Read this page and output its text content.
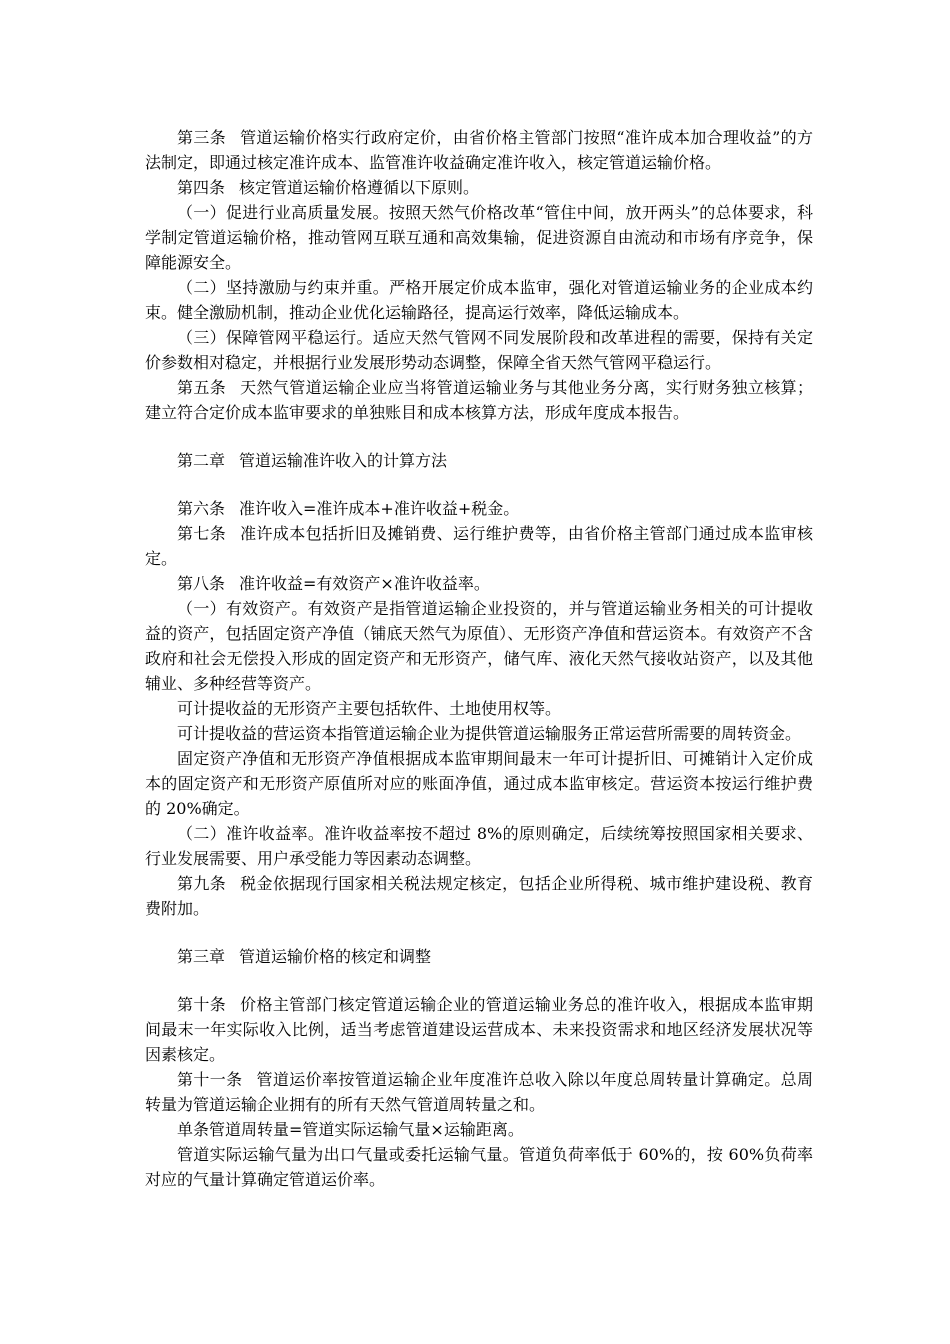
第三条 管道运输价格实行政府定价，由省价格主管部门按照“准许成本加合理收益”的方法制定，即通过核定准许成本、监管准许收益确定准许收入，核定管道运输价格。

第四条 核定管道运输价格遵循以下原则。

（一）促进行业高质量发展。按照天然气价格改革“管住中间，放开两头”的总体要求，科学制定管道运输价格，推动管网互联互通和高效集输，促进资源自由流动和市场有序竞争，保障能源安全。

（二）坚持激励与约束并重。严格开展定价成本监审，强化对管道运输业务的企业成本约束。健全激励机制，推动企业优化运输路径，提高运行效率，降低运输成本。

（三）保障管网平稳运行。适应天然气管网不同发展阶段和改革进程的需要，保持有关定价参数相对稳定，并根据行业发展形势动态调整，保障全省天然气管网平稳运行。

第五条 天然气管道运输企业应当将管道运输业务与其他业务分离，实行财务独立核算；建立符合定价成本监审要求的单独账目和成本核算方法，形成年度成本报告。

第二章 管道运输准许收入的计算方法

第六条 准许收入=准许成本+准许收益+税金。

第七条 准许成本包括折旧及摊销费、运行维护费等，由省价格主管部门通过成本监审核定。

第八条 准许收益=有效资产×准许收益率。

（一）有效资产。有效资产是指管道运输企业投资的，并与管道运输业务相关的可计提收益的资产，包括固定资产净值（铺底天然气为原值）、无形资产净值和营运资本。有效资产不含政府和社会无偿投入形成的固定资产和无形资产，储气库、液化天然气接收站资产，以及其他辅业、多种经营等资产。

可计提收益的无形资产主要包括软件、土地使用权等。

可计提收益的营运资本指管道运输企业为提供管道运输服务正常运营所需要的周转资金。

固定资产净值和无形资产净值根据成本监审期间最末一年可计提折旧、可摊销计入定价成本的固定资产和无形资产原值所对应的账面净值，通过成本监审核定。营运资本按运行维护费的 20%确定。

（二）准许收益率。准许收益率按不超过 8%的原则确定，后续统筹按照国家相关要求、行业发展需要、用户承受能力等因素动态调整。

第九条 税金依据现行国家相关税法规定核定，包括企业所得税、城市维护建设税、教育费附加。

第三章 管道运输价格的核定和调整

第十条 价格主管部门核定管道运输企业的管道运输业务总的准许收入，根据成本监审期间最末一年实际收入比例，适当考虑管道建设运营成本、未来投资需求和地区经济发展状况等因素核定。

第十一条 管道运价率按管道运输企业年度准许总收入除以年度总周转量计算确定。总周转量为管道运输企业拥有的所有天然气管道周转量之和。

单条管道周转量=管道实际运输气量×运输距离。

管道实际运输气量为出口气量或委托运输气量。管道负荷率低于 60%的，按 60%负荷率对应的气量计算确定管道运价率。
